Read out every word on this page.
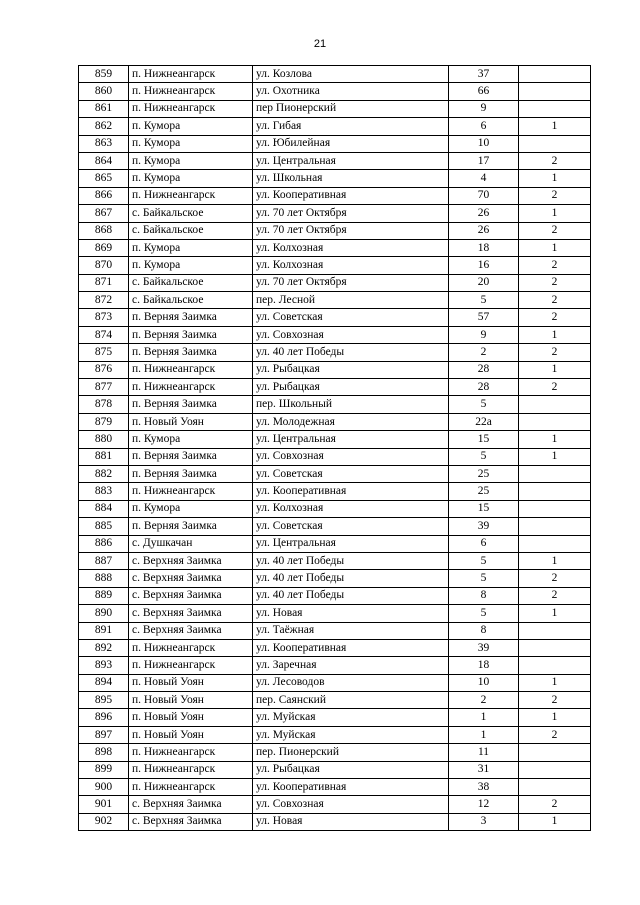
21
859	п. Нижнеангарск	ул. Козлова	37	
860	п. Нижнеангарск	ул. Охотника	66	
861	п. Нижнеангарск	пер Пионерский	9	
862	п. Кумора	ул. Гибая	6	1
863	п. Кумора	ул. Юбилейная	10	
864	п. Кумора	ул. Центральная	17	2
865	п. Кумора	ул. Школьная	4	1
866	п. Нижнеангарск	ул. Кооперативная	70	2
867	с. Байкальское	ул. 70 лет Октября	26	1
868	с. Байкальское	ул. 70 лет Октября	26	2
869	п. Кумора	ул. Колхозная	18	1
870	п. Кумора	ул. Колхозная	16	2
871	с. Байкальское	ул. 70 лет Октября	20	2
872	с. Байкальское	пер. Лесной	5	2
873	п. Верняя Заимка	ул. Советская	57	2
874	п. Верняя Заимка	ул. Совхозная	9	1
875	п. Верняя Заимка	ул. 40 лет Победы	2	2
876	п. Нижнеангарск	ул. Рыбацкая	28	1
877	п. Нижнеангарск	ул. Рыбацкая	28	2
878	п. Верняя Заимка	пер. Школьный	5	
879	п. Новый Уоян	ул. Молодежная	22а	
880	п. Кумора	ул. Центральная	15	1
881	п. Верняя Заимка	ул. Совхозная	5	1
882	п. Верняя Заимка	ул. Советская	25	
883	п. Нижнеангарск	ул. Кооперативная	25	
884	п. Кумора	ул. Колхозная	15	
885	п. Верняя Заимка	ул. Советская	39	
886	с. Душкачан	ул. Центральная	6	
887	с. Верхняя Заимка	ул. 40 лет Победы	5	1
888	с. Верхняя Заимка	ул. 40 лет Победы	5	2
889	с. Верхняя Заимка	ул. 40 лет Победы	8	2
890	с. Верхняя Заимка	ул. Новая	5	1
891	с. Верхняя Заимка	ул. Таёжная	8	
892	п. Нижнеангарск	ул. Кооперативная	39	
893	п. Нижнеангарск	ул. Заречная	18	
894	п. Новый Уоян	ул. Лесоводов	10	1
895	п. Новый Уоян	пер. Саянский	2	2
896	п. Новый Уоян	ул. Муйская	1	1
897	п. Новый Уоян	ул. Муйская	1	2
898	п. Нижнеангарск	пер. Пионерский	11	
899	п. Нижнеангарск	ул. Рыбацкая	31	
900	п. Нижнеангарск	ул. Кооперативная	38	
901	с. Верхняя Заимка	ул. Совхозная	12	2
902	с. Верхняя Заимка	ул. Новая	3	1
